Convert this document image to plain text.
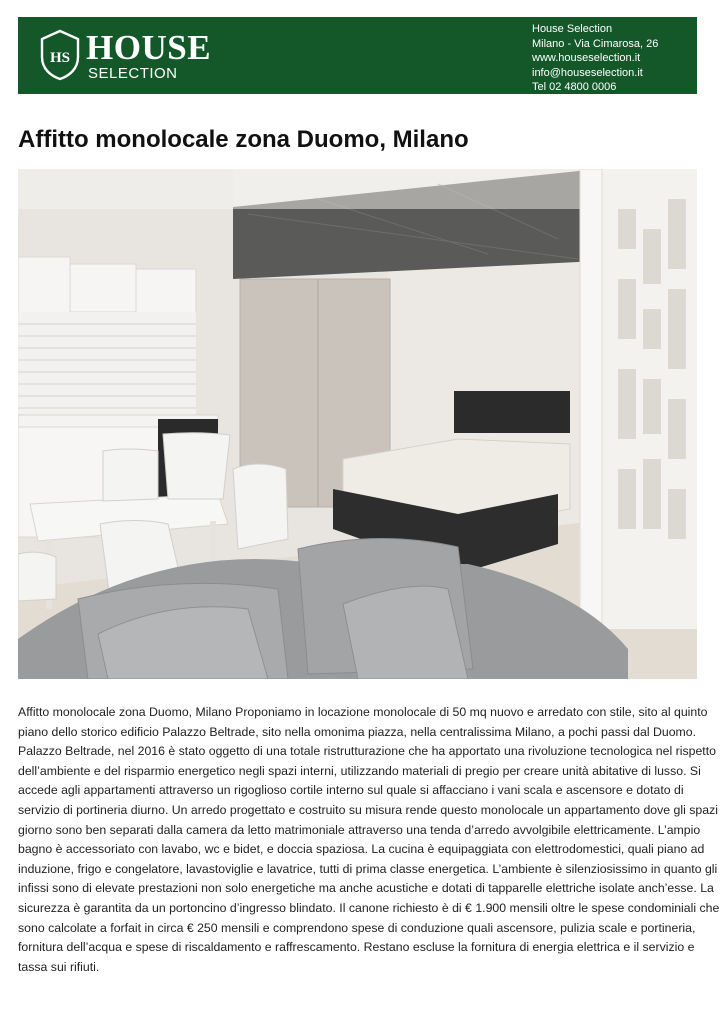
HS HOUSE
SELECTION
House Selection
Milano - Via Cimarosa, 26
www.houseselection.it
info@houseselection.it
Tel 02 4800 0006
Affitto monolocale zona Duomo, Milano

Affitto monolocale zona Duomo, Milano Proponiamo in locazione monolocale di 50 mq nuovo e arredato con stile, sito al quinto piano dello storico edificio Palazzo Beltrade, sito nella omonima piazza, nella centralissima Milano, a pochi passi dal Duomo. Palazzo Beltrade, nel 2016 è stato oggetto di una totale ristrutturazione che ha apportato una rivoluzione tecnologica nel rispetto dell’ambiente e del risparmio energetico negli spazi interni, utilizzando materiali di pregio per creare unità abitative di lusso. Si accede agli appartamenti attraverso un rigoglioso cortile interno sul quale si affacciano i vani scala e ascensore e dotato di servizio di portineria diurno. Un arredo progettato e costruito su misura rende questo monolocale un appartamento dove gli spazi giorno sono ben separati dalla camera da letto matrimoniale attraverso una tenda d’arredo avvolgibile elettricamente. L’ampio bagno è accessoriato con lavabo, wc e bidet, e doccia spaziosa. La cucina è equipaggiata con elettrodomestici, quali piano ad induzione, frigo e congelatore, lavastoviglie e lavatrice, tutti di prima classe energetica. L’ambiente è silenziosissimo in quanto gli infissi sono di elevate prestazioni non solo energetiche ma anche acustiche e dotati di tapparelle elettriche isolate anch’esse. La sicurezza è garantita da un portoncino d’ingresso blindato. Il canone richiesto è di € 1.900 mensili oltre le spese condominiali che sono calcolate a forfait in circa € 250 mensili e comprendono spese di conduzione quali ascensore, pulizia scale e portineria, fornitura dell’acqua e spese di riscaldamento e raffrescamento. Restano escluse la fornitura di energia elettrica e il servizio e tassa sui rifiuti.
